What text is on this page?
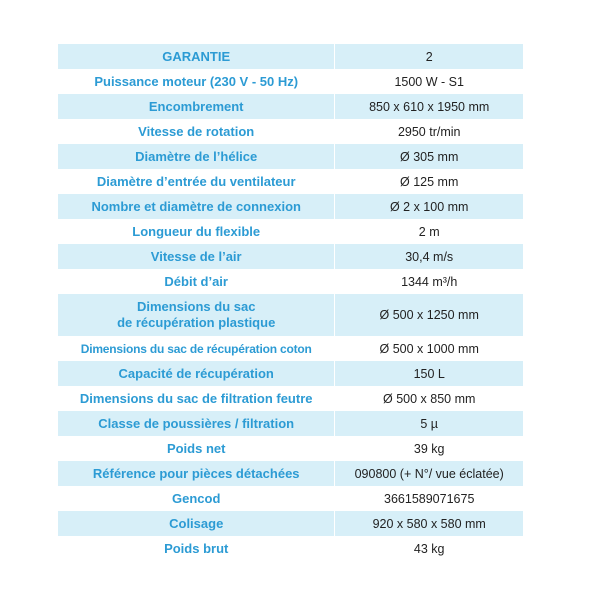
GARANTIE	2
Puissance moteur (230 V - 50 Hz)	1500 W - S1
Encombrement	850 x 610 x 1950 mm
Vitesse de rotation	2950 tr/min
Diamètre de l’hélice	Ø 305 mm
Diamètre d’entrée du ventilateur	Ø 125 mm
Nombre et diamètre de connexion	Ø 2 x 100 mm
Longueur du flexible	2 m
Vitesse de l’air	30,4 m/s
Débit d’air	1344 m³/h
Dimensions du sac
de récupération plastique	Ø 500 x 1250 mm
Dimensions du sac de récupération coton	Ø 500 x 1000 mm
Capacité de récupération	150 L
Dimensions du sac de filtration feutre	Ø 500 x 850 mm
Classe de poussières / filtration	5 µ
Poids net	39 kg
Référence pour pièces détachées	090800 (+ N°/ vue éclatée)
Gencod	3661589071675
Colisage	920 x 580 x 580 mm
Poids brut	43 kg
